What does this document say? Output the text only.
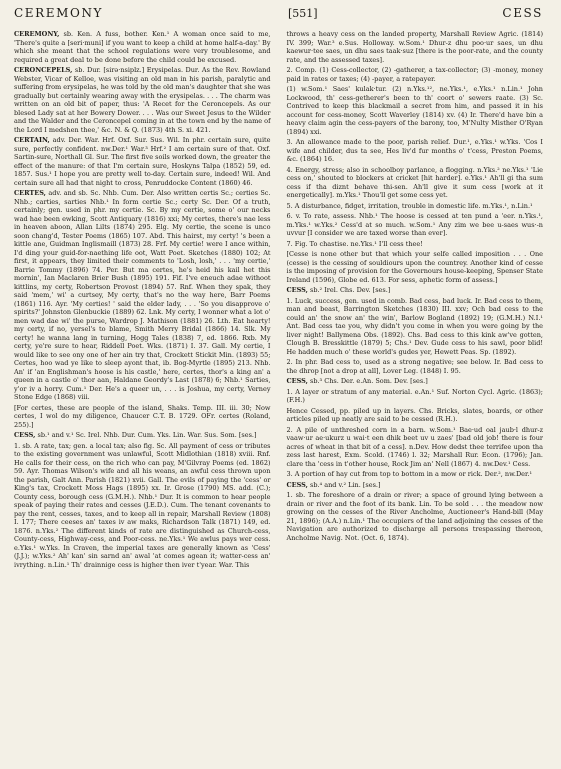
CEREMONY	[551]	CESS

CEREMONY, sb. Ken. A fuss, bother. Ken.¹ A woman once said to me, 'There's quite a [seri·muni] if you want to keep a child at home half-a-day.' By which she meant that the school regulations were very troublesome, and required a great deal to be done before the child could be excused.

CERONCEPELS, sb. Dur. [sirə·nsiplz.] Erysipelas. Dur. As the Rev. Rowland Webster, Vicar of Kelloe, was visiting an old man in his parish, paralytic and suffering from erysipelas, he was told by the old man's daughter that she was gradually but certainly wearing away with the erysipelas. . . . The charm was written on an old bit of paper, thus: 'A Recet for the Ceroncepels. As our blesed Lady sat at her Bowery Dower. . . . Was our Sweet Jesus to the Wilder and the Walder and the Ceroncepel coming in at the town end by the name of the Lord I medshen thee,' &c. N. & Q. (1873) 4th S. xi. 421.

CERTAIN, adv. Der. War. Hrf. Oxf. Sur. Sus. Wil. In phr. certain sure, quite sure, perfectly confident. nw.Der.¹ War.³ Hrf.² I am certain sure of that. Oxf. Sartin-sure, Northall Gl. Sur. The first five soils worked down, the greater the effect of the manure: of that I'm certain sure, Hoskyns Talpa (1852) 59, ed. 1857. Sus.¹ I hope you are pretty well to-day. Certain sure, indeed! Wil. And certain sure all had that night to cross, Penruddocke Content (1860) 46.

CERTES, adv. and sb. Sc. Nhb. Cum. Der. Also written certis Sc.; certies Sc. Nhb.; carties, sarties Nhb.¹ In form certie Sc.; certy Sc. Der. Of a truth, certainly; gen. used in phr. my certie. Sc. By my certie, some o' our necks wad hae been ewking, Scott Antiquary (1816) xxi; My certes, there's nae less in heaven aboon, Allan Lilts (1874) 295. Elg. My certie, the scene is unco soon chang'd, Tester Poems (1865) 107. Abd. This hairst, my certy! 's been a kittle ane, Guidman Inglismaill (1873) 28. Frf. My certie! were I ance within, I'd ding your guid-for-naething life oot, Watt Poet. Sketches (1880) 102; At first, it appears, they limited their comments to 'Losh, losh,' . . . 'my certie,' Barrie Tommy (1896) 74. Per. But ma certes, he's heid his kail het this mornin', Ian Maclaren Brier Bush (1895) 191. Fif. I've eneuch adae withoot kittlins, my certy, Robertson Provost (1894) 57. Rnf. When they spak, they said 'mem,' wi' a curtsey, My certy, that's no the way here, Barr Poems (1861) 116. Ayr. 'My certies! ' said the elder lady, . . . 'So you disapprove o' spirits?' Johnston Glenbuckie (1889) 62. Lnk. My certy, I wonner what a lot o' men wad dae wi' the purse, Wardrop J. Mathison (1881) 26. Lth. Eat hearty! my certy, if no, yersel's to blame, Smith Merry Bridal (1866) 14. Slk. My certy! he wanna lang in turning, Hogg Tales (1838) 7, ed. 1866. Rxb. My certy, ye're sure to hear, Riddell Poet. Wks. (1871) I. 37. Gall. My certie, I would like to see ony one of her ain try that, Crockett Stickit Min. (1893) 55; Certes, hoo wad ye like to sleep ayont that, ib. Bog-Myrtle (1895) 213. Nhb. An' if 'an Englishman's hoose is his castle,' here, certes, thor's a king an' a queen in a castle o' thor aan, Haldane Geordy's Last (1878) 6; Nhb.¹ Sarties, y'or iv a horry. Cum.¹ Der. He's a queer un, . . . is Joshua, my certy, Verney Stone Edge (1868) viii.

[For certes, these are people of the island, Shaks. Temp. III. iii. 30; Now certes, I wol do my diligence, Chaucer C.T. B. 1729. OFr. certes (Roland, 255).]

CESS, sb.¹ and v.¹ Sc. Irel. Nhb. Dur. Cum. Yks. Lin. War. Sus. Som. [ses.]

1. sb. A rate, tax; gen. a local tax; also fig. Sc. All payment of cess or tributes to the existing government was unlawful, Scott Midlothian (1818) xviii. Rnf. He calls for their cess, on the rich who can pay, M'Gilvray Poems (ed. 1862) 59. Ayr. Thomas Wilson's wife and all his weans, an awful cess thrown upon the parish, Galt Ann. Parish (1821) xvii. Gall. The evils of paying the 'cess' or King's tax, Crockett Moss Hags (1895) xx. Ir. Grose (1790) MS. add. (C.); County cess, borough cess (G.M.H.). Nhb.¹ Dur. It is common to hear people speak of paying their rates and cesses (J.E.D.). Cum. The tenant covenants to pay the rent, cesses, taxes, and to keep all in repair, Marshall Review (1808) I. 177; There ceeses an' taxes iv aw maks, Richardson Talk (1871) 149, ed. 1876. n.Yks.² The different kinds of rate are distinguished as Church-cess, County-cess, Highway-cess, and Poor-cess. ne.Yks.¹ We awlus pays wer cess. e.Yks.¹ w.Yks. In Craven, the imperial taxes are generally known as 'Cess' (J.J.); w.Yks.² Ah' kan' sin sarnd an' awal 'at comes agean it; watter-cess an' ivrything. n.Lin.¹ Th' drainnige cess is higher then iver t'year. War. This

throws a heavy cess on the landed property, Marshall Review Agric. (1814) IV. 399; War.³ e.Sus. Holloway. w.Som.¹ Dhur-z dhu poo·ur saes, un dhu kaewur·tee saes, un dhu saes taak·suz [there is the poor-rate, and the county rate, and the assessed taxes].

2. Comp. (1) Cess-collector, (2) -gatherer, a tax-collector; (3) -money, money paid in rates or taxes; (4) -payer, a ratepayer.

(1) w.Som.¹ Saes' kulak·tur. (2) n.Yks.¹², ne.Yks.¹, e.Yks.¹ n.Lin.¹ John Lockwood, th' cess-getherer's been to th' coort o' sewers raate. (3) Sc. Contrived to keep this blackmail a secret from him, and passed it in his account for cess-money, Scott Waverley (1814) xv. (4) Ir. There'd have bin a heavy claim agin the cess-payers of the barony, too, M'Nulty Misther O'Ryan (1894) xxi.

3. An allowance made to the poor, parish relief. Dur.¹, e.Yks.¹ w.Yks. 'Cos I wife and childer, dus ta see, Hes liv'd fur months o' t'cess, Preston Poems, &c. (1864) 16.

4. Energy, stress; also in schoolboy parlance, a flogging. n.Yks.² ne.Yks.¹ 'Lie cess on,' shouted to blockers at cricket [hit harder]. e.Yks.¹ Ah'll gi tha sum cess if tha diznt behave thi-sen. Ah'll give it sum cess [work at it energetically]. m.Yks.¹ Thou'll get some cess yet.

5. A disturbance, fidget, irritation, trouble in domestic life. m.Yks.¹, n.Lin.¹

6. v. To rate, assess. Nhb.¹ The hoose is cessed at ten pund a 'eer. n.Yks.¹, m.Yks.¹ w.Yks.² Cess'd at so much. w.Som.¹ Any zim we bee u-saes wus·-n uvvur [I consider we are taxed worse than ever].

7. Fig. To chastise. ne.Yks.¹ I'll cess thee!

[Cesse is none other but that which your selfe called imposition . . . One (cesse) is the cessing of souldiours upon the countrey. Another kind of cesse is the imposing of provision for the Governours house-keeping, Spenser State Ireland (1596), Globe ed. 613. For sess, aphetic form of assess.]

CESS, sb.² Irel. Chs. Dev. [ses.]

1. Luck, success, gen. used in comb. Bad cess, bad luck. Ir. Bad cess to them, man and beast, Barrington Sketches (1830) III. xxv; Och bad cess to the could an' the snow an' the win', Barlow Bogland (1892) 19; (G.M.H.) N.I.¹ Ant. Bad cess tae you, why didn't you come in when you were going by the liver night! Ballymena Obs. (1892). Chs. Bad cess to this kink aw've gotten, Clough B. Bresskittle (1879) 5; Chs.¹ Dev. Gude cess to his sawl, poor blid! He hadden much o' these world's gudes yer, Hewett Peas. Sp. (1892).

2. In phr. Bad cess to, used as a strong negative; see below. Ir. Bad cess to the dhrop [not a drop at all], Lover Leg. (1848) I. 95.

CESS, sb.³ Chs. Der. e.An. Som. Dev. [ses.]

1. A layer or stratum of any material. e.An.¹ Suf. Norton Cycl. Agric. (1863); (F.H.)

Hence Cessed, pp. piled up in layers. Chs. Bricks, slates, boards, or other articles piled up neatly are said to be cessed (R.H.).

2. A pile of unthreshed corn in a barn. w.Som.¹ Bae·ud oal jaub·l dhur-z vaaw·ur ae·ukurz u wai·t een dhik beet uv u zaes' [bad old job! there is four acres of wheat in that bit of a cess]. n.Dev. How dedst thee terrifee upon tha zess last harest, Exm. Scold. (1746) l. 32; Marshall Rur. Econ. (1796); Jan. clare tha 'cess in t'other house, Rock Jim an' Nell (1867) 4. nw.Dev.¹ Cess.

3. A portion of hay cut from top to bottom in a mow or rick. Der.², nw.Der.¹

CESS, sb.⁴ and v.² Lin. [ses.]

1. sb. The foreshore of a drain or river; a space of ground lying between a drain or river and the foot of its bank. Lin. To be sold . . . the meadow now growing on the cesses of the River Ancholme, Auctioneer's Hand-bill (May 21, 1896); (A.A.) n.Lin.¹ The occupiers of the land adjoining the cesses of the Navigation are authorized to discharge all persons trespassing thereon, Ancholme Navig. Not. (Oct. 6, 1874).
